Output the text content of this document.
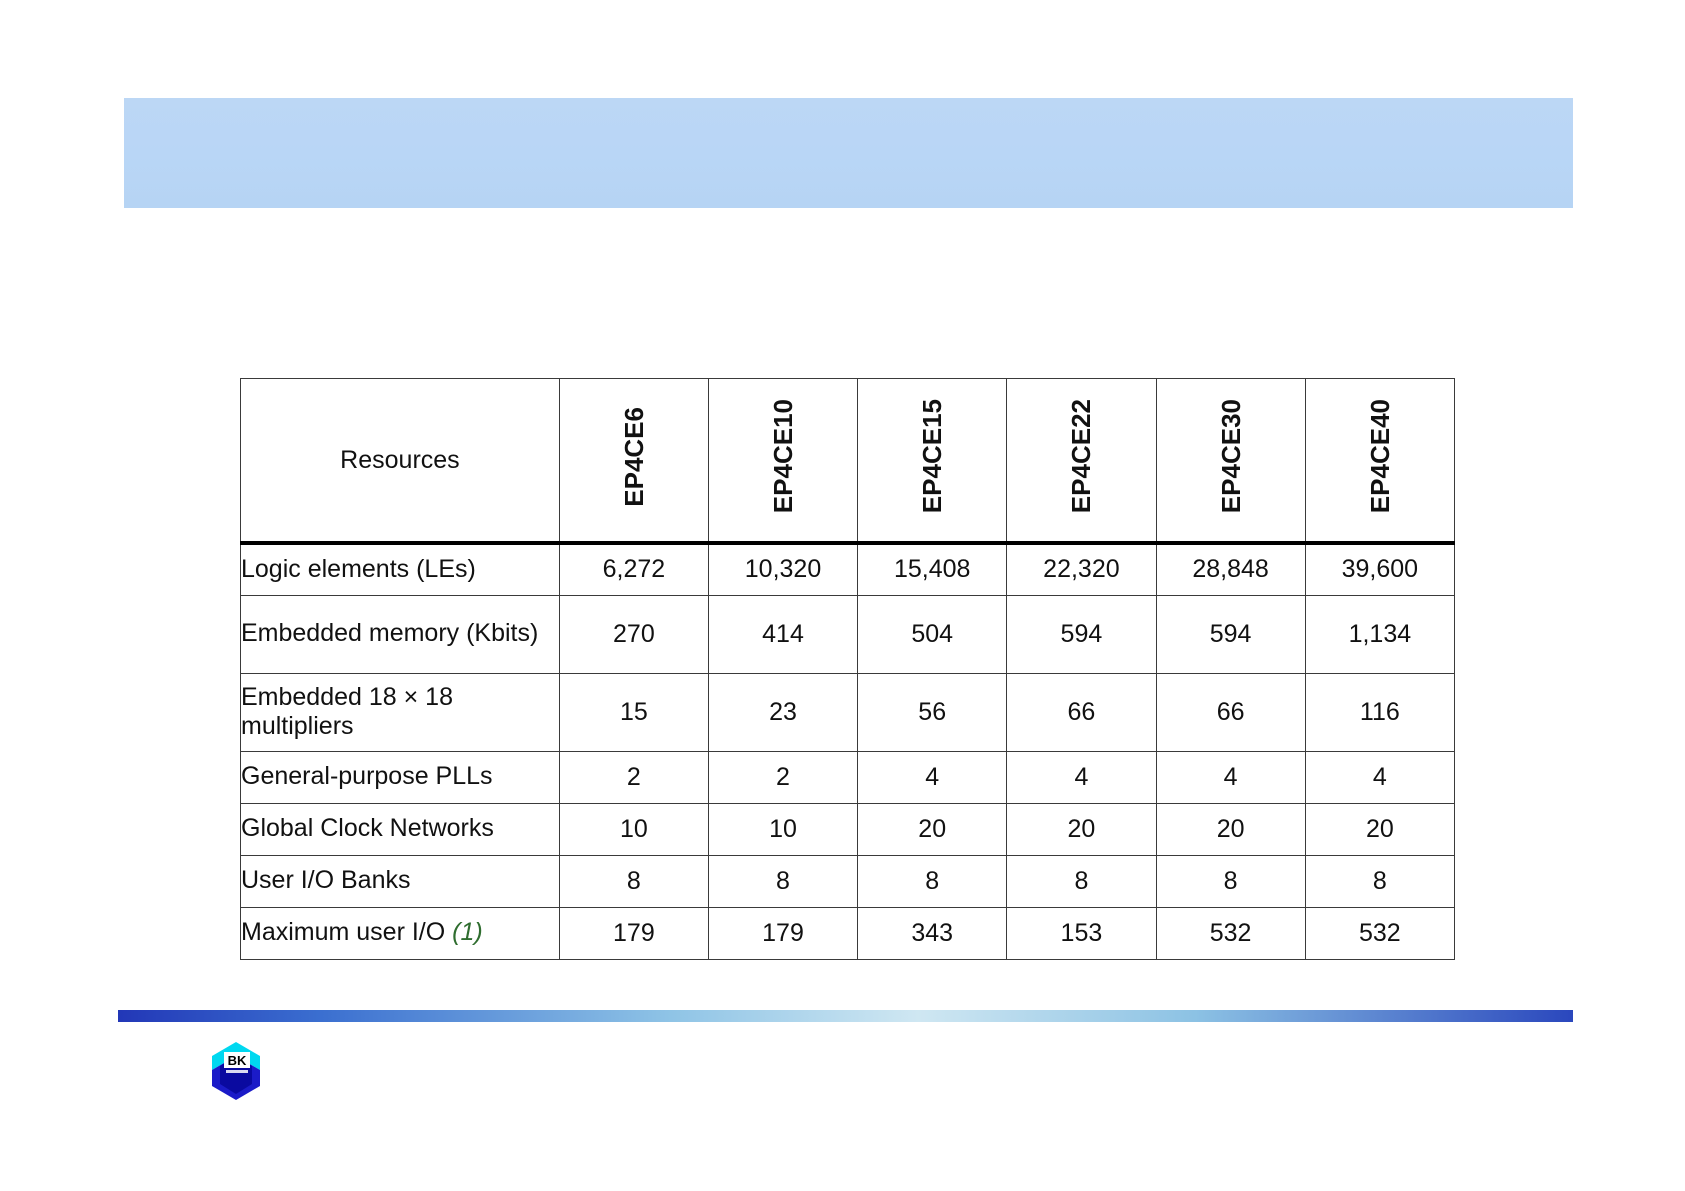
Resources	EP4CE6	EP4CE10	EP4CE15	EP4CE22	EP4CE30	EP4CE40
Logic elements (LEs)	6,272	10,320	15,408	22,320	28,848	39,600
Embedded memory (Kbits)	270	414	504	594	594	1,134
Embedded 18 × 18 multipliers	15	23	56	66	66	116
General-purpose PLLs	2	2	4	4	4	4
Global Clock Networks	10	10	20	20	20	20
User I/O Banks	8	8	8	8	8	8
Maximum user I/O (1)	179	179	343	153	532	532
BK
